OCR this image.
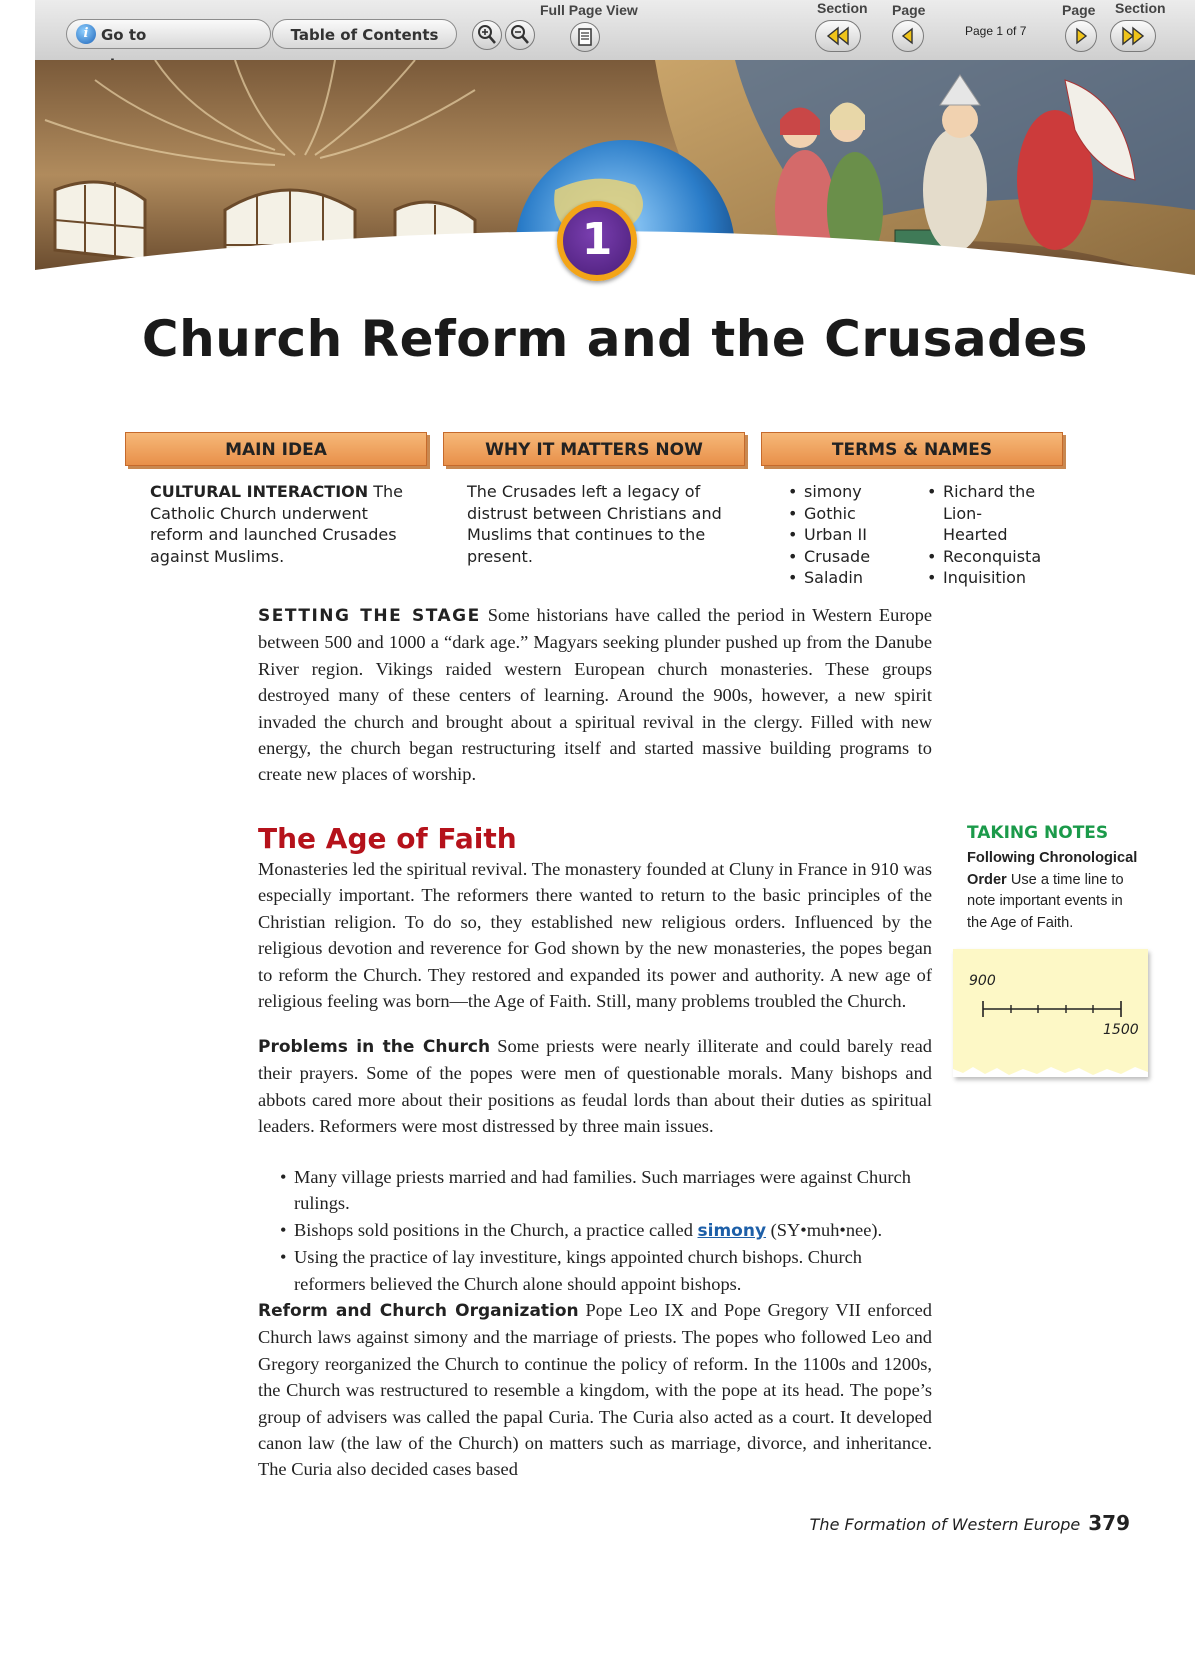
i Go to	Table of Contents
Full Page View	Section Page
Page 1 of 7
Page Section
1
Church Reform and the Crusades
MAIN IDEA	WHY IT MATTERS NOW	TERMS & NAMES
CULTURAL INTERACTION The Catholic Church underwent reform and launched Crusades against Muslims.
The Crusades left a legacy of distrust between Christians and Muslims that continues to the present.
• simony
• Gothic
• Urban II
• Crusade
• Saladin
• Richard the Lion-Hearted
• Reconquista
• Inquisition
SETTING THE STAGE Some historians have called the period in Western Europe between 500 and 1000 a “dark age.” Magyars seeking plunder pushed up from the Danube River region. Vikings raided western European church monasteries. These groups destroyed many of these centers of learning. Around the 900s, however, a new spirit invaded the church and brought about a spiritual revival in the clergy. Filled with new energy, the church began restructuring itself and started massive building programs to create new places of worship.
The Age of Faith
Monasteries led the spiritual revival. The monastery founded at Cluny in France in 910 was especially important. The reformers there wanted to return to the basic principles of the Christian religion. To do so, they established new religious orders. Influenced by the religious devotion and reverence for God shown by the new monasteries, the popes began to reform the Church. They restored and expanded its power and authority. A new age of religious feeling was born—the Age of Faith. Still, many problems troubled the Church.
Problems in the Church Some priests were nearly illiterate and could barely read their prayers. Some of the popes were men of questionable morals. Many bishops and abbots cared more about their positions as feudal lords than about their duties as spiritual leaders. Reformers were most distressed by three main issues.
• Many village priests married and had families. Such marriages were against Church rulings.
• Bishops sold positions in the Church, a practice called simony (SY•muh•nee).
• Using the practice of lay investiture, kings appointed church bishops. Church reformers believed the Church alone should appoint bishops.
Reform and Church Organization Pope Leo IX and Pope Gregory VII enforced Church laws against simony and the marriage of priests. The popes who followed Leo and Gregory reorganized the Church to continue the policy of reform. In the 1100s and 1200s, the Church was restructured to resemble a kingdom, with the pope at its head. The pope’s group of advisers was called the papal Curia. The Curia also acted as a court. It developed canon law (the law of the Church) on matters such as marriage, divorce, and inheritance. The Curia also decided cases based
TAKING NOTES
Following Chronological Order Use a time line to note important events in the Age of Faith.
900
1500
The Formation of Western Europe 379
